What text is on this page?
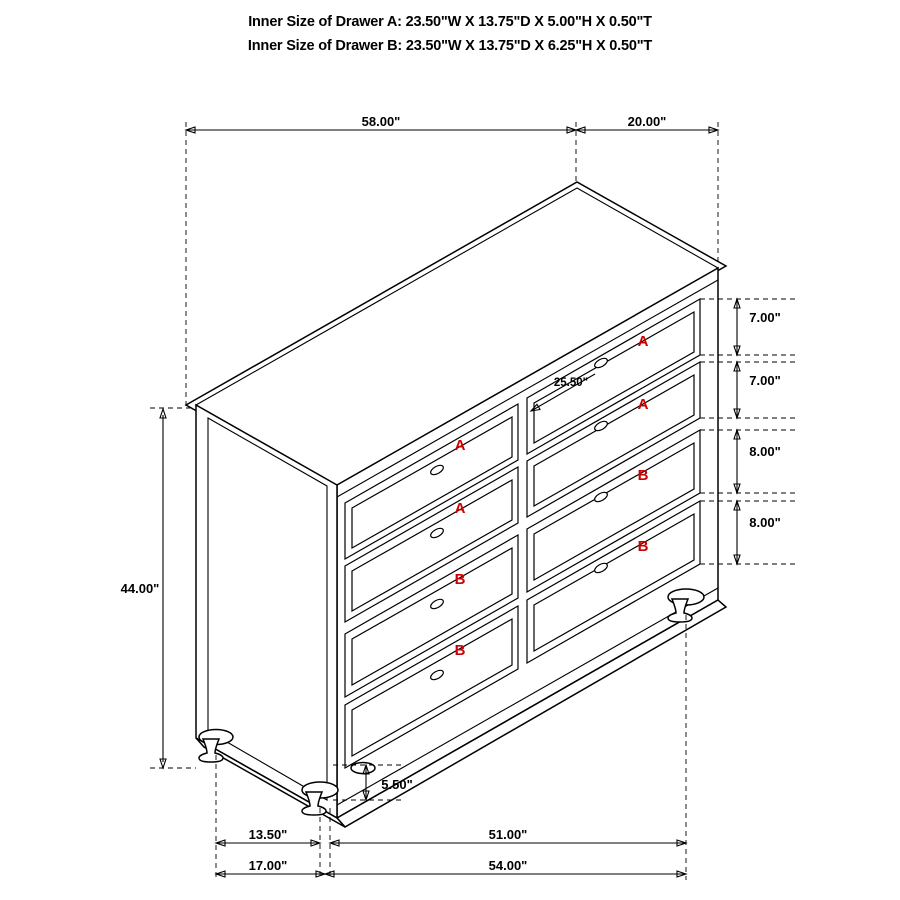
Inner Size of Drawer A: 23.50"W X 13.75"D X 5.00"H X 0.50"T
Inner Size of Drawer B: 23.50"W X 13.75"D X 6.25"H X 0.50"T
58.00"	20.00"
44.00"
A
A
B
B
A
A
B
B
25.50"
7.00"
7.00"
8.00"
8.00"
5.50"
13.50"	51.00"
17.00"	54.00"
